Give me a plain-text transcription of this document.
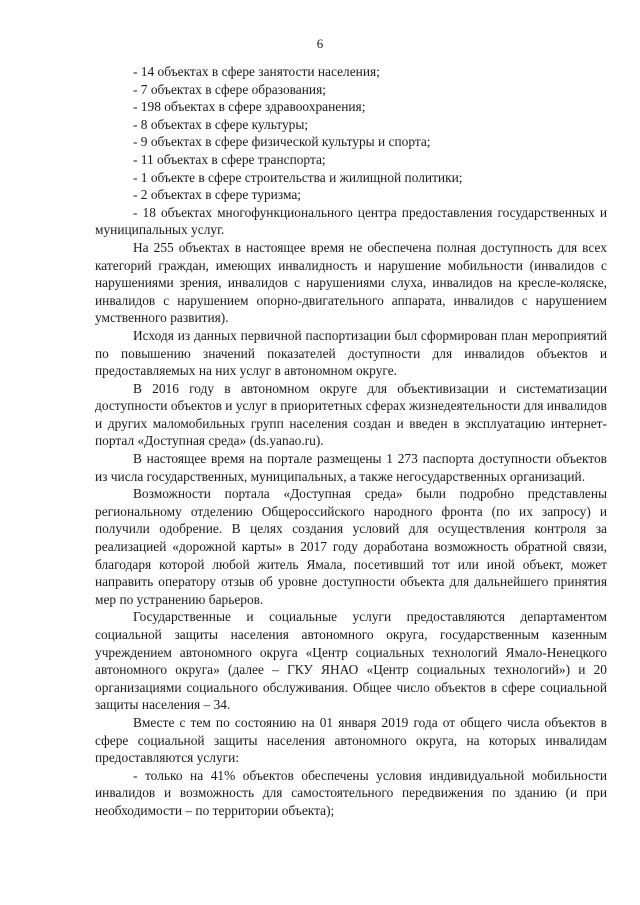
6
- 14 объектах в сфере занятости населения;
- 7 объектах в сфере образования;
- 198 объектах в сфере здравоохранения;
- 8 объектах в сфере культуры;
- 9 объектах в сфере физической культуры и спорта;
- 11 объектах в сфере транспорта;
- 1 объекте в сфере строительства и жилищной политики;
- 2 объектах в сфере туризма;

- 18 объектах многофункционального центра предоставления государственных и муниципальных услуг.

На 255 объектах в настоящее время не обеспечена полная доступность для всех категорий граждан, имеющих инвалидность и нарушение мобильности (инвалидов с нарушениями зрения, инвалидов с нарушениями слуха, инвалидов на кресле-коляске, инвалидов с нарушением опорно-двигательного аппарата, инвалидов с нарушением умственного развития).

Исходя из данных первичной паспортизации был сформирован план мероприятий по повышению значений показателей доступности для инвалидов объектов и предоставляемых на них услуг в автономном округе.

В 2016 году в автономном округе для объективизации и систематизации доступности объектов и услуг в приоритетных сферах жизнедеятельности для инвалидов и других маломобильных групп населения создан и введен в эксплуатацию интернет-портал «Доступная среда» (ds.yanao.ru).

В настоящее время на портале размещены 1 273 паспорта доступности объектов из числа государственных, муниципальных, а также негосударственных организаций.

Возможности портала «Доступная среда» были подробно представлены региональному отделению Общероссийского народного фронта (по их запросу) и получили одобрение. В целях создания условий для осуществления контроля за реализацией «дорожной карты» в 2017 году доработана возможность обратной связи, благодаря которой любой житель Ямала, посетивший тот или иной объект, может направить оператору отзыв об уровне доступности объекта для дальнейшего принятия мер по устранению барьеров.

Государственные и социальные услуги предоставляются департаментом социальной защиты населения автономного округа, государственным казенным учреждением автономного округа «Центр социальных технологий Ямало-Ненецкого автономного округа» (далее – ГКУ ЯНАО «Центр социальных технологий») и 20 организациями социального обслуживания. Общее число объектов в сфере социальной защиты населения – 34.

Вместе с тем по состоянию на 01 января 2019 года от общего числа объектов в сфере социальной защиты населения автономного округа, на которых инвалидам предоставляются услуги:

- только на 41% объектов обеспечены условия индивидуальной мобильности инвалидов и возможность для самостоятельного передвижения по зданию (и при необходимости – по территории объекта);
